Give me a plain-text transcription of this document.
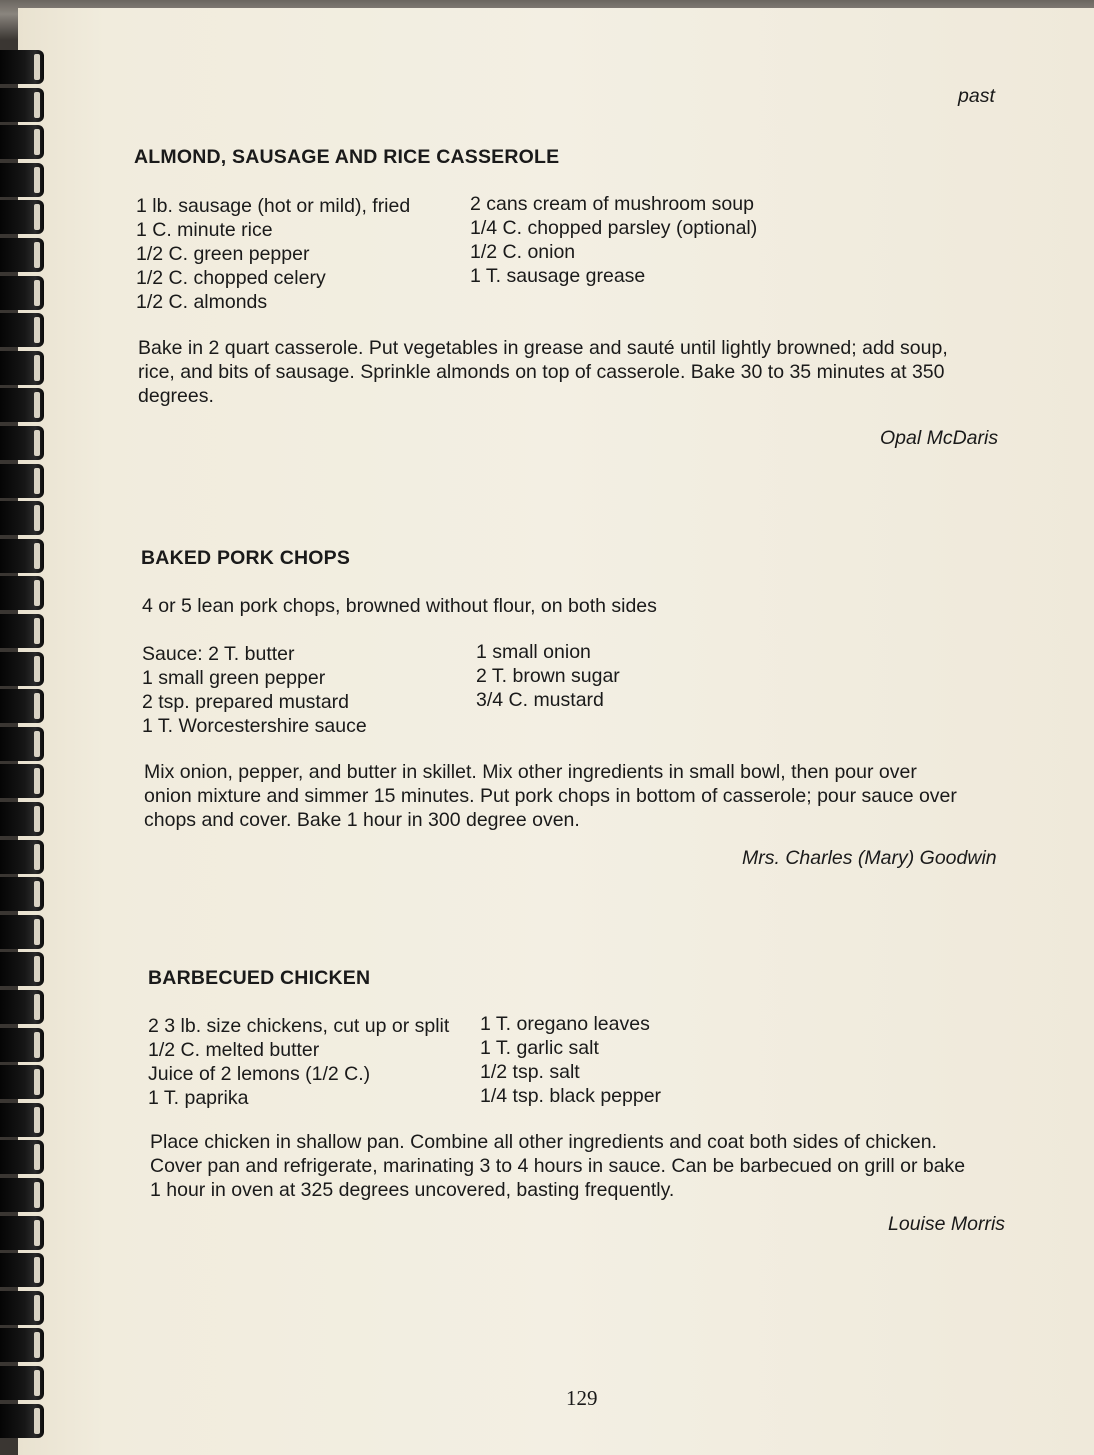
past
ALMOND, SAUSAGE AND RICE CASSEROLE
1 lb. sausage (hot or mild), fried
1 C. minute rice
1/2 C. green pepper
1/2 C. chopped celery
1/2 C. almonds
2 cans cream of mushroom soup
1/4 C. chopped parsley (optional)
1/2 C. onion
1 T. sausage grease
Bake in 2 quart casserole. Put vegetables in grease and sauté until lightly browned; add soup,
rice, and bits of sausage. Sprinkle almonds on top of casserole. Bake 30 to 35 minutes at 350
degrees.
Opal McDaris
BAKED PORK CHOPS
4 or 5 lean pork chops, browned without flour, on both sides
Sauce: 2 T. butter
1 small green pepper
2 tsp. prepared mustard
1 T. Worcestershire sauce
1 small onion
2 T. brown sugar
3/4 C. mustard
Mix onion, pepper, and butter in skillet. Mix other ingredients in small bowl, then pour over
onion mixture and simmer 15 minutes. Put pork chops in bottom of casserole; pour sauce over
chops and cover. Bake 1 hour in 300 degree oven.
Mrs. Charles (Mary) Goodwin
BARBECUED CHICKEN
2 3 lb. size chickens, cut up or split
1/2 C. melted butter
Juice of 2 lemons (1/2 C.)
1 T. paprika
1 T. oregano leaves
1 T. garlic salt
1/2 tsp. salt
1/4 tsp. black pepper
Place chicken in shallow pan. Combine all other ingredients and coat both sides of chicken.
Cover pan and refrigerate, marinating 3 to 4 hours in sauce. Can be barbecued on grill or bake
1 hour in oven at 325 degrees uncovered, basting frequently.
Louise Morris
129
